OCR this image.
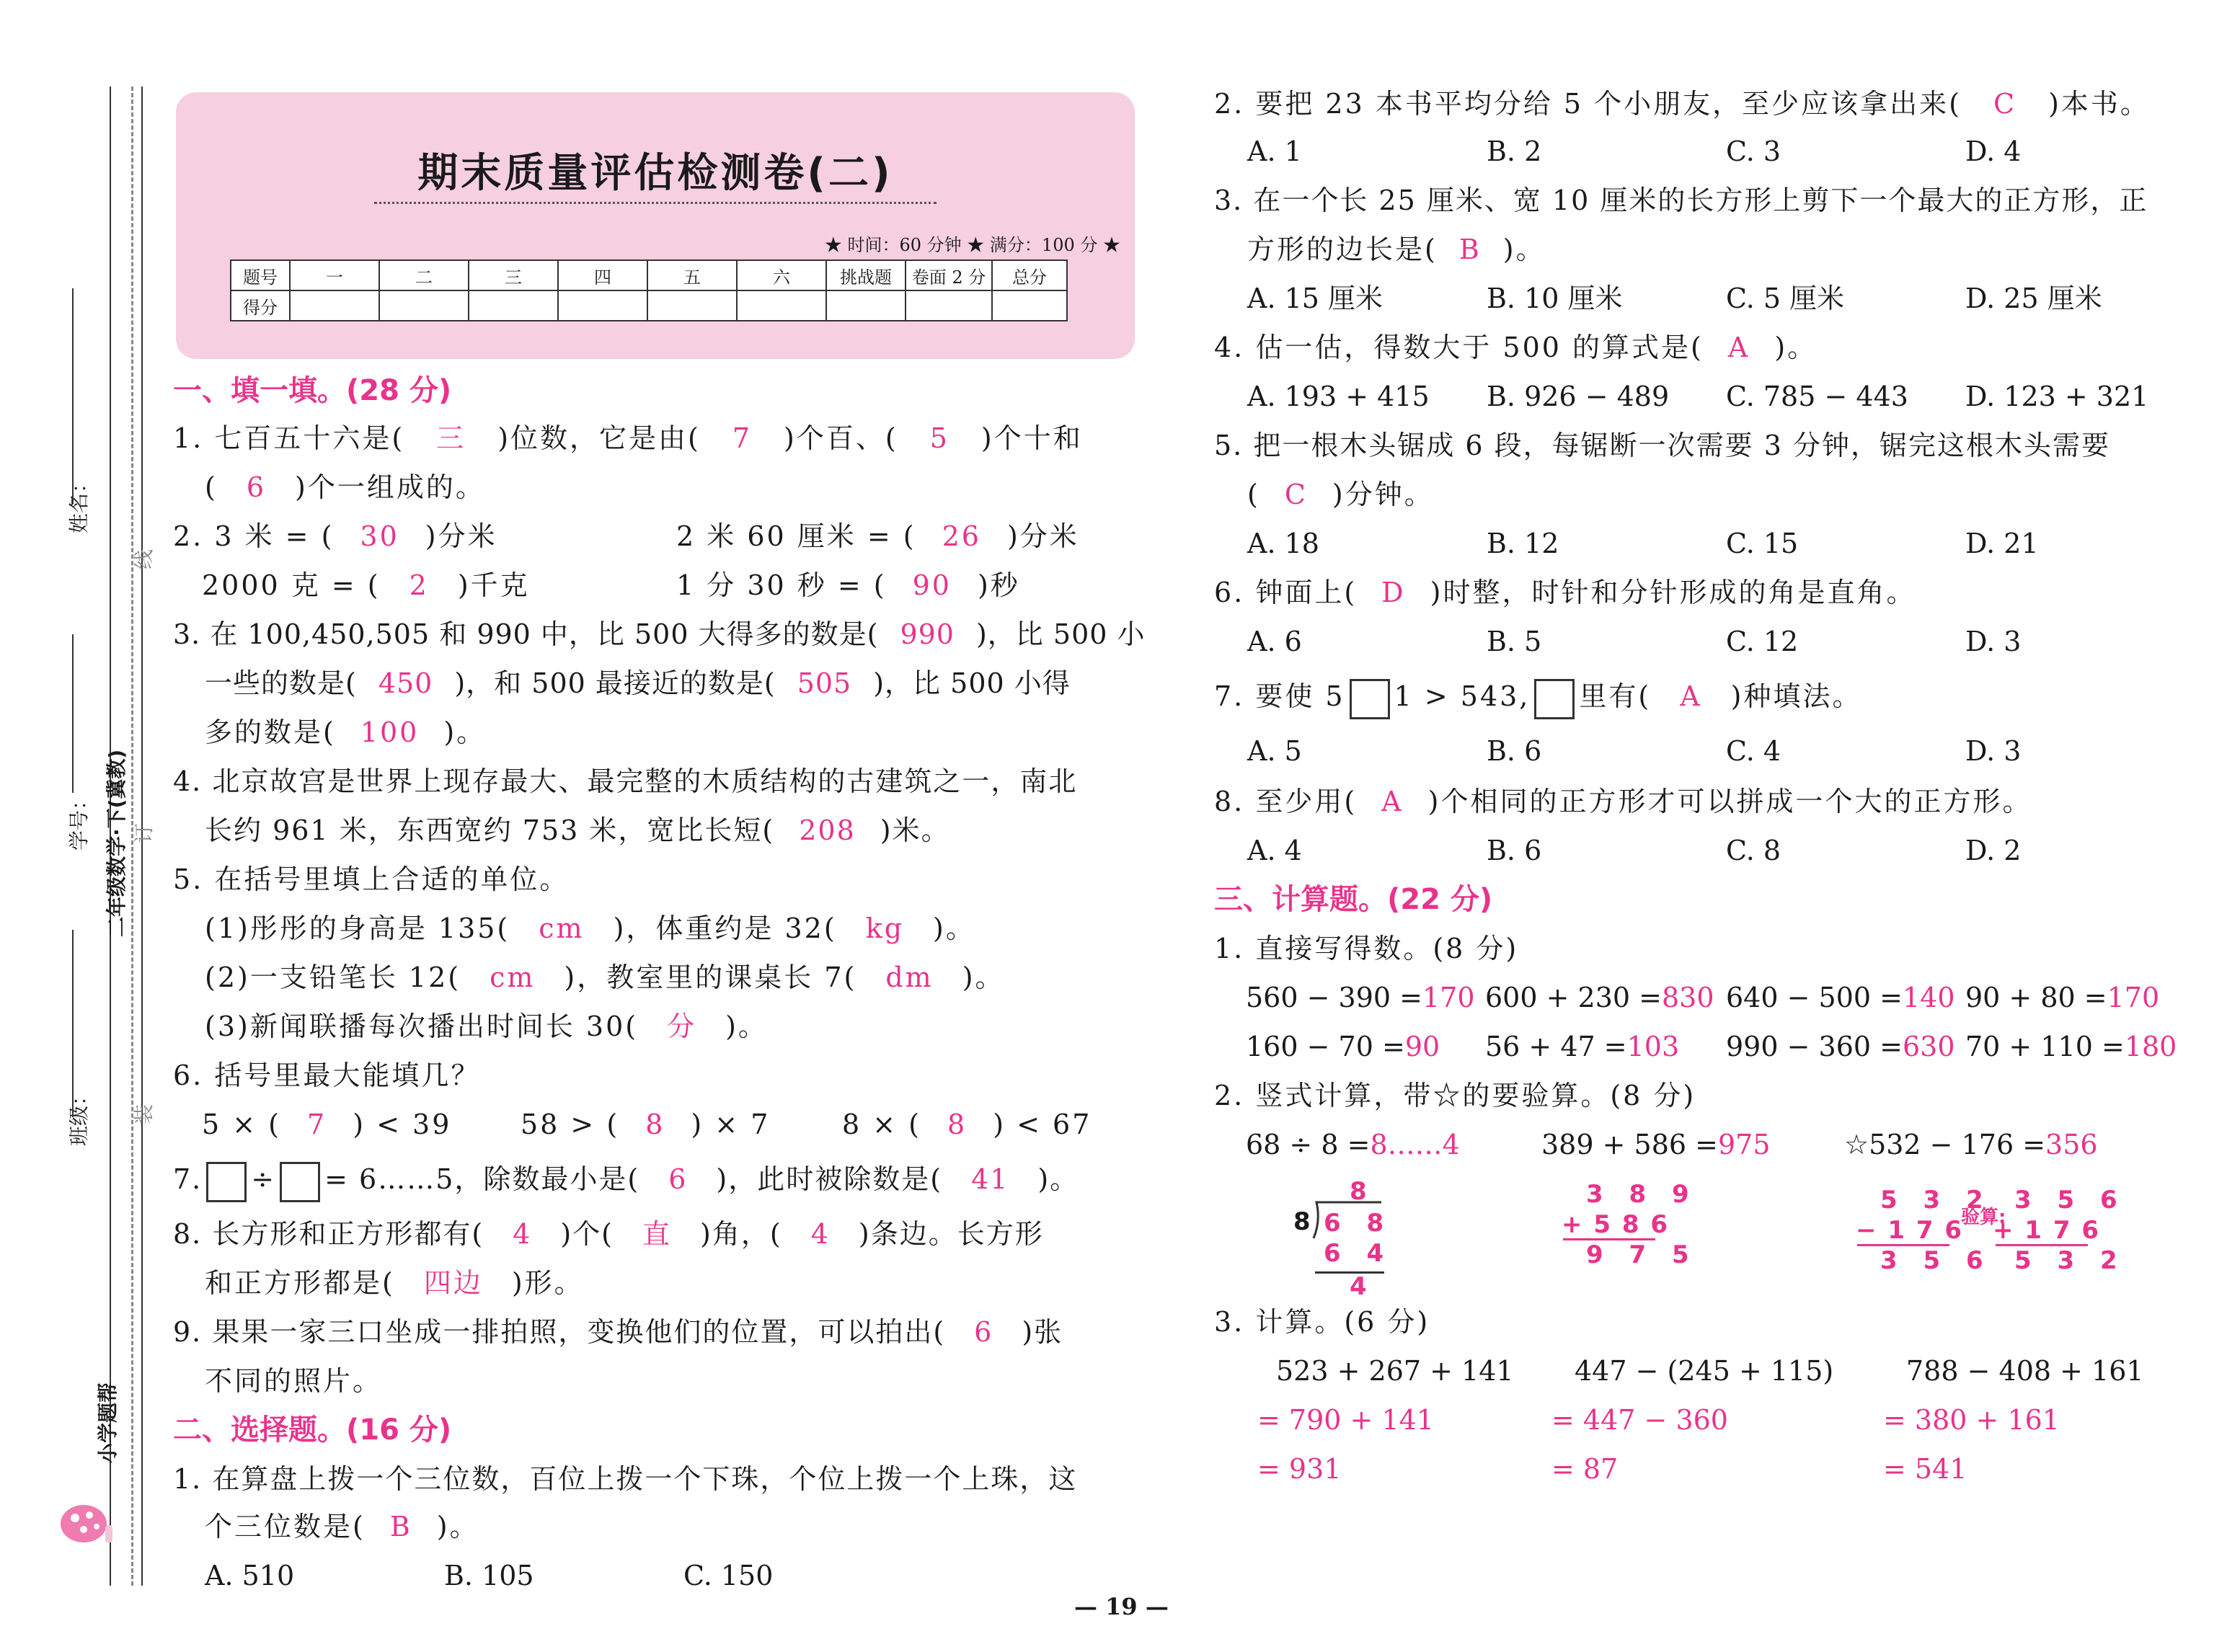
姓名：
学号：
班级：
二年级数学·下(冀教)
线
订
装
小学题帮
期末质量评估检测卷(二)
★ 时间：60 分钟 ★ 满分：100 分 ★
题号	一	二	三	四	五	六	挑战题	卷面 2 分	总分
得分									
一、填一填。(28 分)
1. 七百五十六是( 三 )位数，它是由( 7 )个百、( 5 )个十和
( 6 )个一组成的。
2. 3 米 = ( 30 )分米	2 米 60 厘米 = ( 26 )分米
2000 克 = ( 2 )千克	1 分 30 秒 = ( 90 )秒
3. 在 100,450,505 和 990 中，比 500 大得多的数是( 990 )，比 500 小
一些的数是( 450 )，和 500 最接近的数是( 505 )，比 500 小得
多的数是( 100 )。
4. 北京故宫是世界上现存最大、最完整的木质结构的古建筑之一，南北
长约 961 米，东西宽约 753 米，宽比长短( 208 )米。
5. 在括号里填上合适的单位。
(1)彤彤的身高是 135( cm )，体重约是 32( kg )。
(2)一支铅笔长 12( cm )，教室里的课桌长 7( dm )。
(3)新闻联播每次播出时间长 30( 分 )。
6. 括号里最大能填几？
5 × ( 7 ) < 39	58 > ( 8 ) × 7	8 × ( 8 ) < 67
7. ÷ = 6……5，除数最小是( 6 )，此时被除数是( 41 )。
8. 长方形和正方形都有( 4 )个( 直 )角，( 4 )条边。长方形
和正方形都是( 四边 )形。
9. 果果一家三口坐成一排拍照，变换他们的位置，可以拍出( 6 )张
不同的照片。
二、选择题。(16 分)
1. 在算盘上拨一个三位数，百位上拨一个下珠，个位上拨一个上珠，这
个三位数是( B )。
A. 510	B. 105	C. 150
2. 要把 23 本书平均分给 5 个小朋友，至少应该拿出来( C )本书。
A. 1	B. 2	C. 3	D. 4
3. 在一个长 25 厘米、宽 10 厘米的长方形上剪下一个最大的正方形，正
方形的边长是( B )。
A. 15 厘米	B. 10 厘米	C. 5 厘米	D. 25 厘米
4. 估一估，得数大于 500 的算式是( A )。
A. 193 + 415 B. 926 − 489 C. 785 − 443 D. 123 + 321
5. 把一根木头锯成 6 段，每锯断一次需要 3 分钟，锯完这根木头需要
( C )分钟。
A. 18	B. 12	C. 15	D. 21
6. 钟面上( D )时整，时针和分针形成的角是直角。
A. 6	B. 5	C. 12	D. 3
7. 要使 5 1 > 543, 里有( A )种填法。
A. 5	B. 6	C. 4	D. 3
8. 至少用( A )个相同的正方形才可以拼成一个大的正方形。
A. 4	B. 6	C. 8	D. 2
三、计算题。(22 分)
1. 直接写得数。(8 分)
560 − 390 =170 600 + 230 =830 640 − 500 =140 90 + 80 =170
160 − 70 =90 56 + 47 =103 990 − 360 =630 70 + 110 =180
2. 竖式计算，带☆的要验算。(8 分)
68 ÷ 8 =8……4	389 + 586 =975	☆532 − 176 =356
8
8 6 8
6 4
4
3 8 9
+ 5 8 6
9 7 5
5 3 2
− 1 7 6
3 5 6
验算:
3 5 6
+ 1 7 6
5 3 2
3. 计算。(6 分)
523 + 267 + 141
= 790 + 141
= 931
447 − (245 + 115)
= 447 − 360
= 87
788 − 408 + 161
= 380 + 161
= 541
— 19 —
